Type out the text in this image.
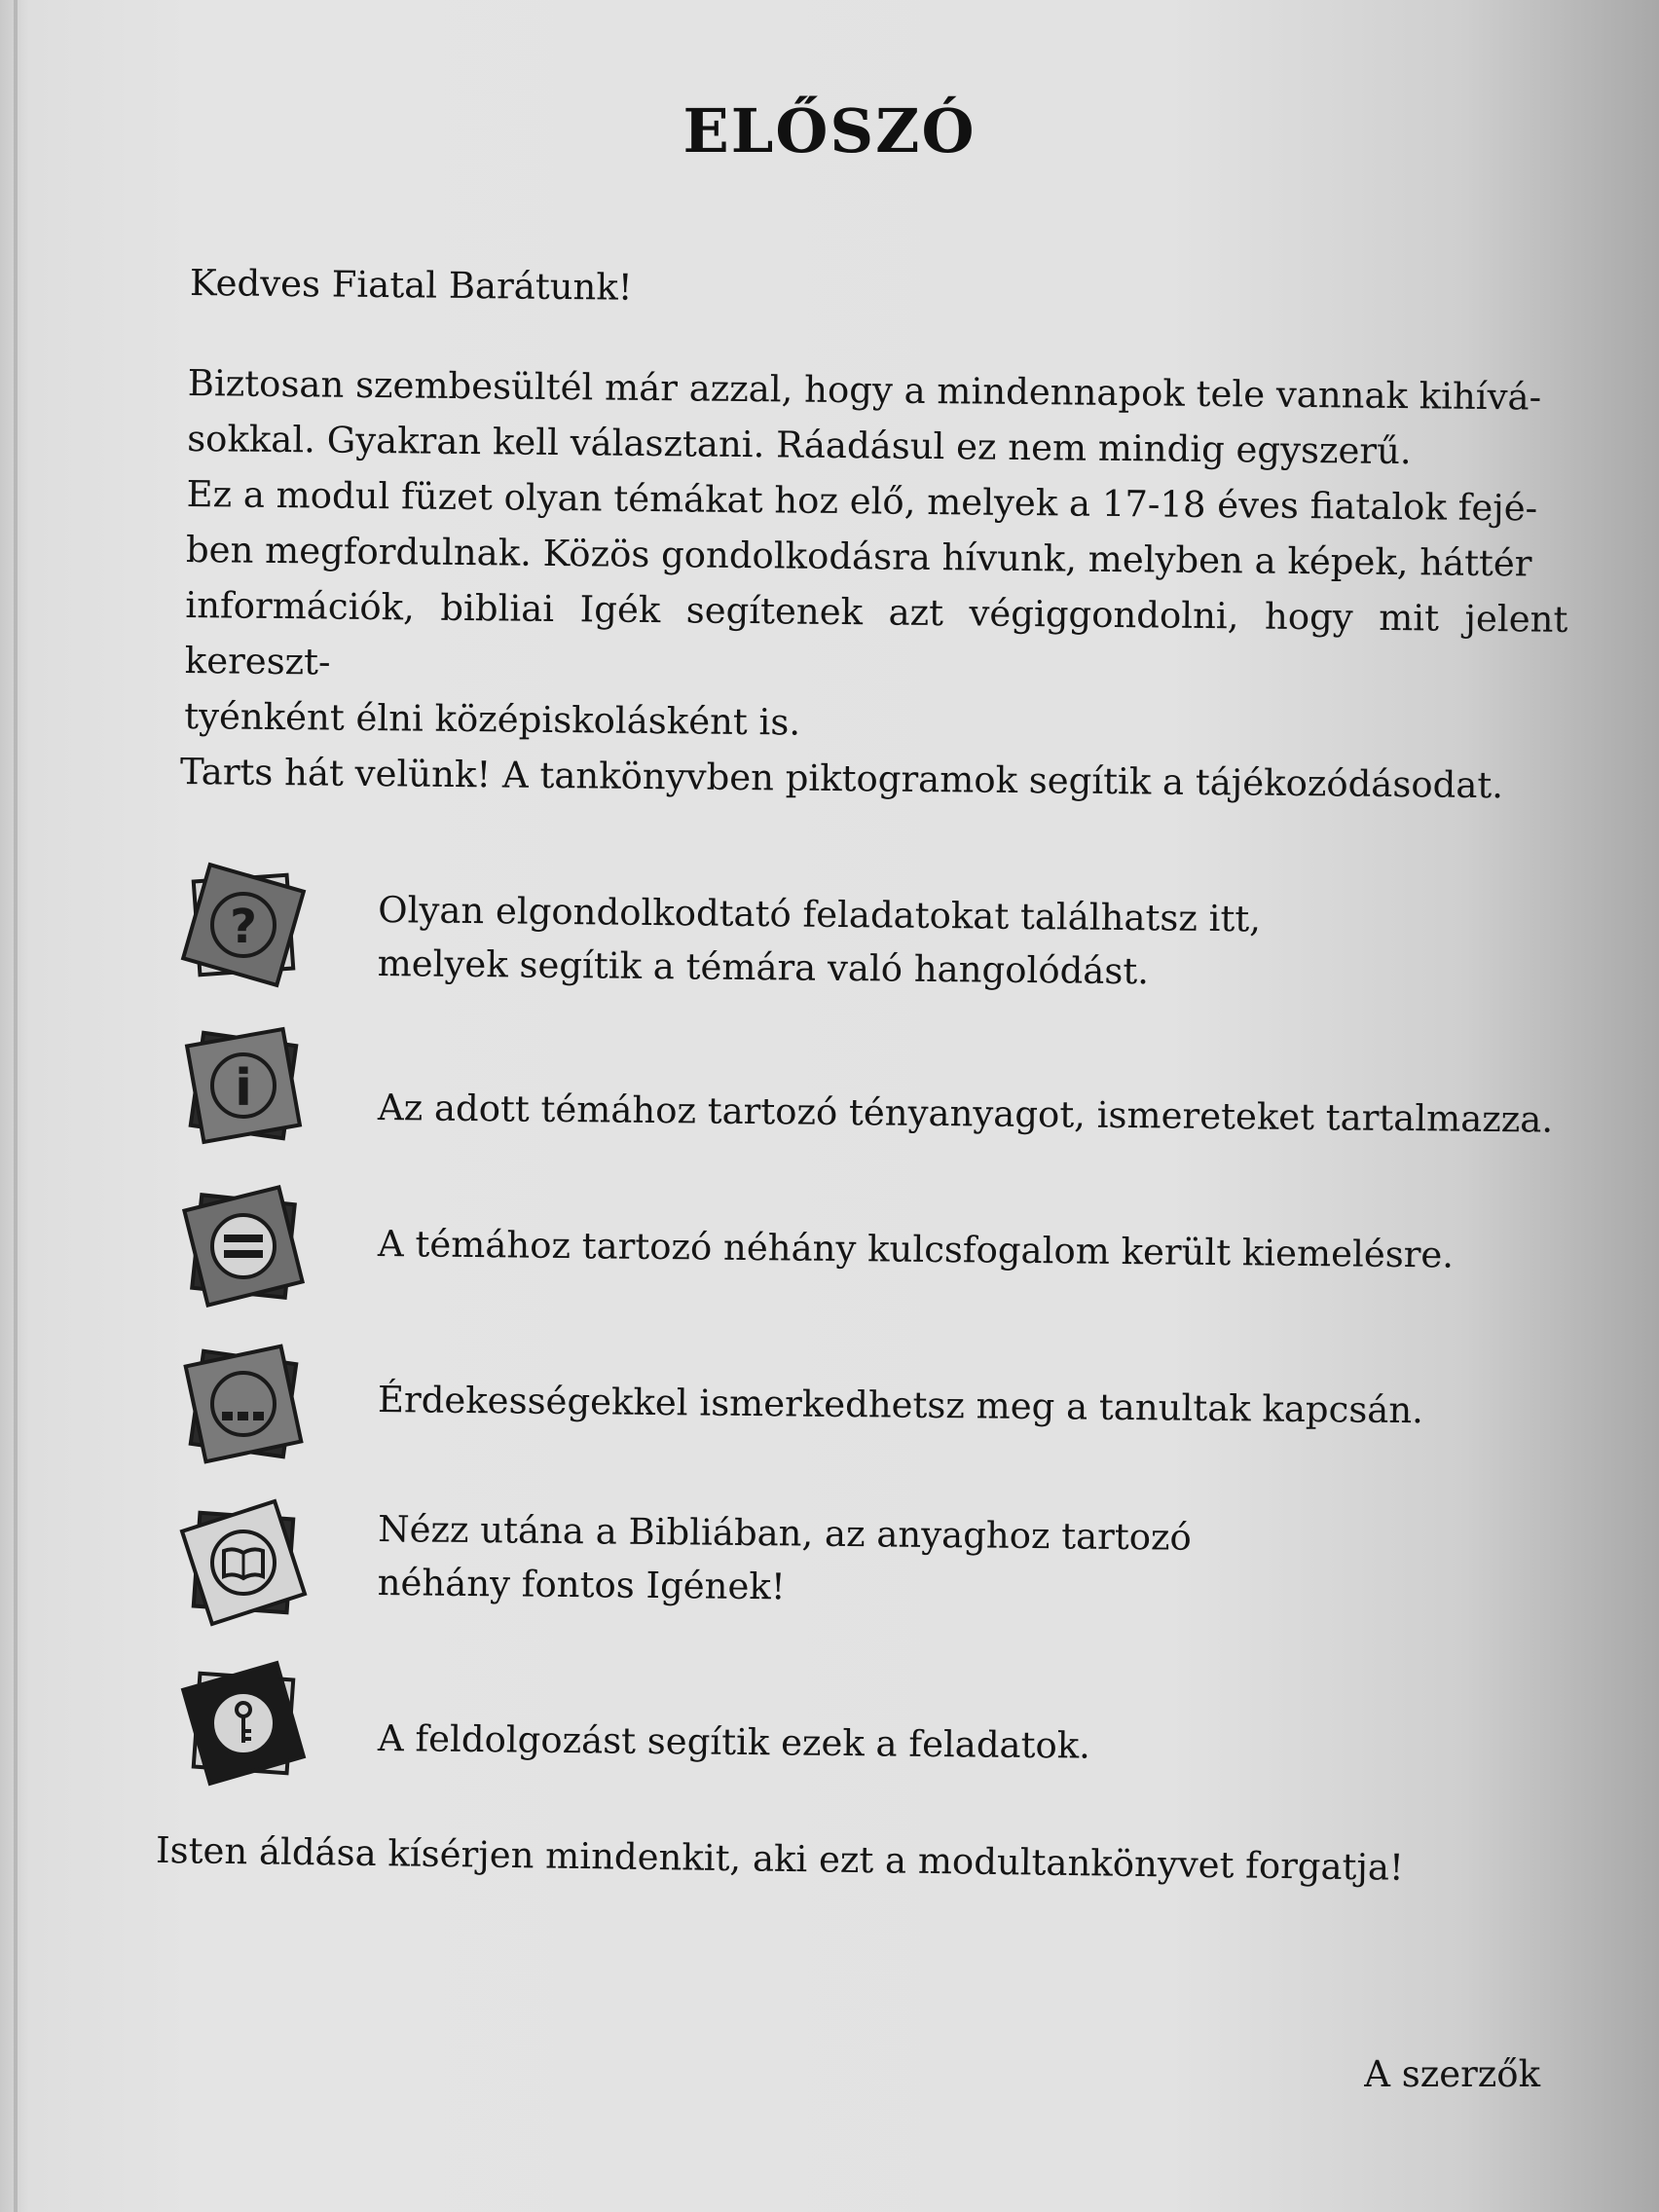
ELŐSZÓ
Kedves Fiatal Barátunk!
Biztosan szembesültél már azzal, hogy a mindennapok tele vannak kihívá-
sokkal. Gyakran kell választani. Ráadásul ez nem mindig egyszerű.
Ez a modul füzet olyan témákat hoz elő, melyek a 17-18 éves fiatalok fejé-
ben megfordulnak. Közös gondolkodásra hívunk, melyben a képek, háttér
információk, bibliai Igék segítenek azt végiggondolni, hogy mit jelent kereszt-
tyénként élni középiskolásként is.
Tarts hát velünk! A tankönyvben piktogramok segítik a tájékozódásodat.
?	Olyan elgondolkodtató feladatokat találhatsz itt,
melyek segítik a témára való hangolódást.
i	Az adott témához tartozó tényanyagot, ismereteket tartalmazza.
A témához tartozó néhány kulcsfogalom került kiemelésre.
Érdekességekkel ismerkedhetsz meg a tanultak kapcsán.
Nézz utána a Bibliában, az anyaghoz tartozó
néhány fontos Igének!
A feldolgozást segítik ezek a feladatok.
Isten áldása kísérjen mindenkit, aki ezt a modultankönyvet forgatja!
A szerzők
